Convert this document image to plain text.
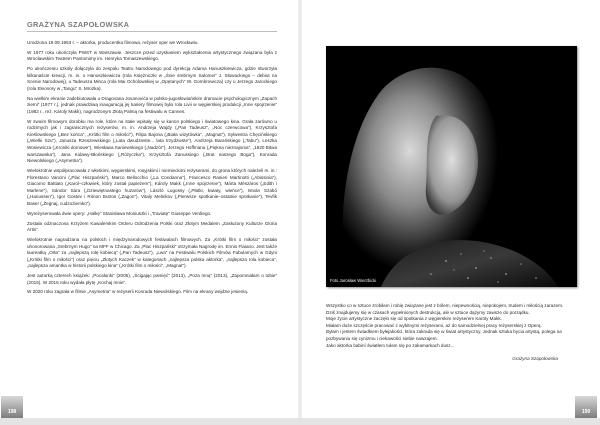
GRAŻYNA SZAPOŁOWSKA

Urodzona 19.09.1953 r. – aktorka, producentka filmowa, reżyser oper we Wrocławiu.

W 1977 roku ukończyła PWST w Warszawie. Jeszcze przed uzyskaniem wykształcenia artystycznego związana była z Wrocławskim Teatrem Pantomimy im. Henryka Tomaszewskiego.

Po ukończeniu szkoły dołączyła do zespołu Teatru Narodowego pod dyrekcją Adama Hanuszkiewicza, gdzie stworzyła kilkanaście kreacji, m. in. u Hanuszkiewicza (rola Księżniczki w „Śnie srebrnym Salomei” J. Słowackiego – debiut na Scenie Narodowej), u Tadeusza Minca (rola Mai Ocholowskiej w „Opętanych” W. Gombrowicza) czy u Jerzego Jarockiego (rola Eleonory w „Tangu” S. Mrożka).

Na wielkim ekranie zadebiutowała u Dragovana Jovanovića w polsko-jugosłowiańskim dramacie psychologicznym „Zapach ziemi” (1977 r.), jednak prawdziwą inauguracją jej kariery filmowej była rola Livii w węgierskiej produkcji „Inne spojrzenie” (1982 r., reż. Károly Makk), nagrodzonym Złotą Palmą na festiwalu w Cannes.

W swoim filmowym dorobku ma role, które na stałe wpisały się w kanon polskiego i światowego kina. Grała zarówno u rodzimych jak i zagranicznych reżyserów, m. in. Andrzeja Wajdy („Pan Tadeusz”, „Noc czerwcowa”), Krzysztofa Kieślowskiego („Bez końca”, „Krótki film o miłości”), Filipa Bajona („Biała wizytówka”, „Magnat”), Sylwestra Chęcińskiego („Wielki Szu”), Janusza Rzeszewskiego („Lata dwudzieste... lata trzydzieste”), Andrzeja Barańskiego („Tabu”), Leszka Wosiewicza („Kroniki domowe”), Wiesława Saniewskiego („Nadzór”), Jerzego Hoffmana („Pięknа nieznajoma”, „1920 Bitwa warszawska”), Jana Kidawy-Błońskiego („Różyczka”), Krzysztofa Zanussiego („Brat naszego Boga”), Konrada Niewolskiego („Asymetria”).

Wielokrotnie współpracowała z włoskimi, węgierskimi, rosyjskimi i niemieckimi reżyserami, do grona których należeli m. in.: Florestano Vancini („Plac Hiszpański”), Marco Bellocchio („La Condanna”), Francesco Ranieri Martinotti („Abissinia”), Giacomo Battiato („Karol–człowiek, który został papieżem”), Károly Makk („Inne spojrzenie”), Márta Mészáros („Edith i Marlene”), Sándor Sára („Dziewiętnastego huzarów”), László Lugossy („Płatki, kwiaty, wieńce”), István Szabó („Hanussen”), Igor Gostev i Rimon Butros („Zagon”), Vitaly Melnikov („Pierwsze spotkanie–ostatnie spotkanie”), Tevfik Baser („Żegnaj, cudzoziemko”).

Wyreżyserowała dwie opery: „Halkę” Stanisława Moniuszki i „Traviatę” Giuseppe Verdiego.

Została odznaczona Krzyżem Kawalerskim Orderu Odrodzenia Polski oraz Złotym Medalem „Zasłużony Kulturze Gloria Artis”.

Wielokrotnie nagradzana na polskich i międzynarodowych festiwalach filmowych. Za „Krótki film o miłości” została uhonorowana „Srebrnym Hugo” na MFF w Chicago. Za „Plac Hiszpański” otrzymała Nagrodę im. Ennio Flaiano. Jest także laureatką „Orła” za „najlepszą rolę kobiecą” („Pan Tadeusz”), „Lwa” na Festiwalu Polskich Filmów Fabularnych w Gdyni („Krótki film o miłości”) oraz pięciu „Złotych Kaczek” w kategoriach „najlepsza polska aktorka”, „najlepsza rola kobieca”, „najlepsza amantka w historii polskiego kina” („Krótki film o miłości”, „Magnat”).

Jest autorką czterech książek: „Pocałunki” (2005), „Ścigając pamięć” (2013), „Poza mną” (2013), „Zapomniałam o tobie” (2015). W 2016 roku wydała płytę „Kochaj mnie”.

W 2020 roku zagrała w filmie „Asymetria” w reżyserii Konrada Niewolskiego. Film na ekrany wejdzie jesienią.

198
Foto Jarosław Wierzbicki

Wszystko co w sztuce zrobiłam i robię związane jest z bólem, niepewnością, niepokojem, trudem i miłością zarazem.

Dziś znajdujemy się w czasach wypełnionych destrukcją, ale w sztuce dążymy zawsze do porządku.

Moje życie artystyczne zaczęło się od spotkania z węgierskim reżyserem Karoly Makk.

Miałam duże szczęście pracować z wybitnymi reżyserami, aż do samodzielnej pracy reżyserskiej z Operą.

Byłam i jestem świadkiem byłejakości, która zakrada się w świat artystyczny. Jednak sztuka bycia artystą, polega na pozbywaniu się cynizmu i ciekawości siebie nawzajem.

Jako aktorka babiní światłem tułam się po zakamarkach dusz...

Grażyna Szapołowska
199
